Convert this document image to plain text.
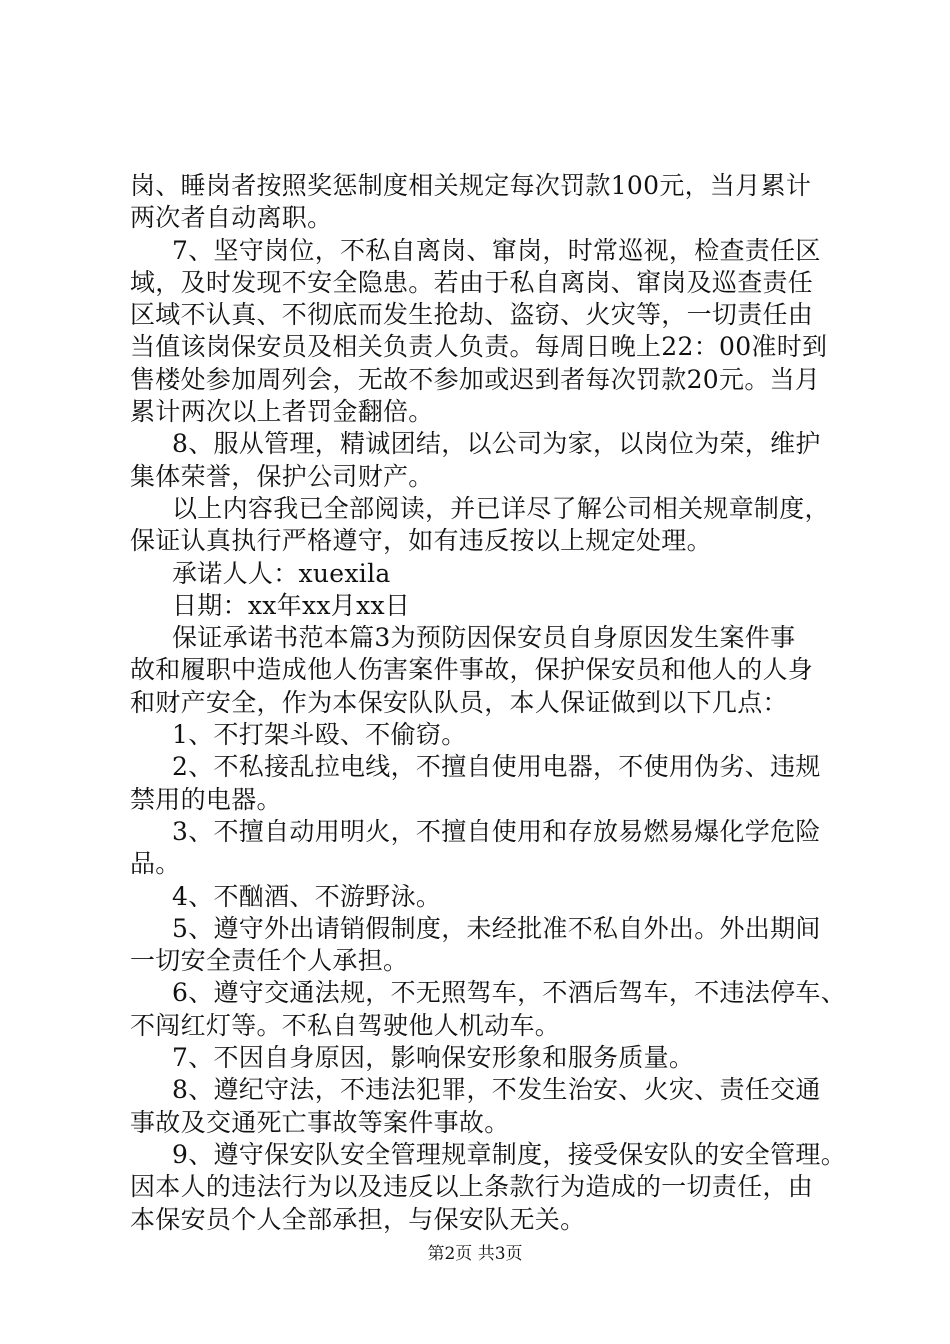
岗、睡岗者按照奖惩制度相关规定每次罚款100元，当月累计
两次者自动离职。
7、坚守岗位，不私自离岗、窜岗，时常巡视，检查责任区
域，及时发现不安全隐患。若由于私自离岗、窜岗及巡查责任
区域不认真、不彻底而发生抢劫、盗窃、火灾等，一切责任由
当值该岗保安员及相关负责人负责。每周日晚上22：00准时到
售楼处参加周列会，无故不参加或迟到者每次罚款20元。当月
累计两次以上者罚金翻倍。
8、服从管理，精诚团结，以公司为家，以岗位为荣，维护
集体荣誉，保护公司财产。
以上内容我已全部阅读，并已详尽了解公司相关规章制度，
保证认真执行严格遵守，如有违反按以上规定处理。
承诺人人：xuexila
日期：xx年xx月xx日
保证承诺书范本篇3为预防因保安员自身原因发生案件事
故和履职中造成他人伤害案件事故，保护保安员和他人的人身
和财产安全，作为本保安队队员，本人保证做到以下几点：
1、不打架斗殴、不偷窃。
2、不私接乱拉电线，不擅自使用电器，不使用伪劣、违规
禁用的电器。
3、不擅自动用明火，不擅自使用和存放易燃易爆化学危险
品。
4、不酗酒、不游野泳。
5、遵守外出请销假制度，未经批准不私自外出。外出期间
一切安全责任个人承担。
6、遵守交通法规，不无照驾车，不酒后驾车，不违法停车、
不闯红灯等。不私自驾驶他人机动车。
7、不因自身原因，影响保安形象和服务质量。
8、遵纪守法，不违法犯罪，不发生治安、火灾、责任交通
事故及交通死亡事故等案件事故。
9、遵守保安队安全管理规章制度，接受保安队的安全管理。
因本人的违法行为以及违反以上条款行为造成的一切责任，由
本保安员个人全部承担，与保安队无关。
第2页 共3页
